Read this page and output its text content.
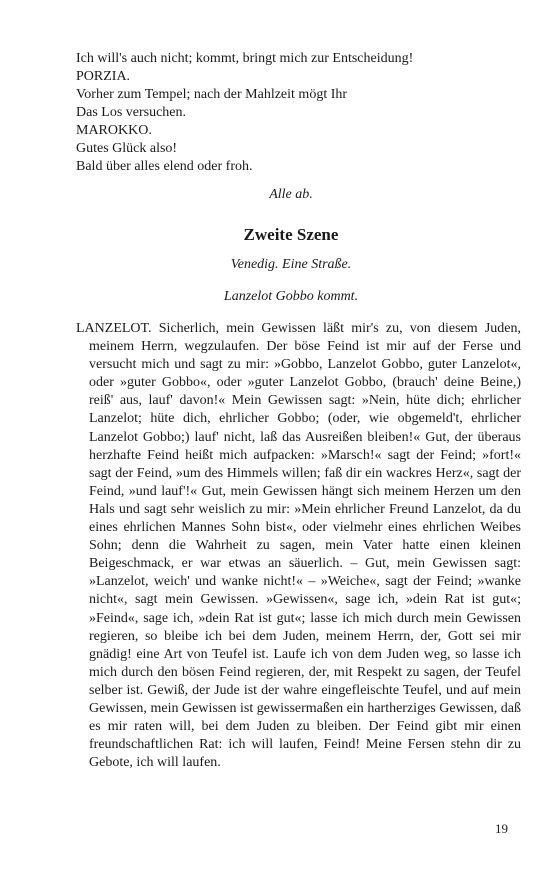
Ich will's auch nicht; kommt, bringt mich zur Entscheidung!
PORZIA.
Vorher zum Tempel; nach der Mahlzeit mögt Ihr
Das Los versuchen.
MAROKKO.
Gutes Glück also!
Bald über alles elend oder froh.
Alle ab.
Zweite Szene
Venedig. Eine Straße.
Lanzelot Gobbo kommt.
LANZELOT. Sicherlich, mein Gewissen läßt mir's zu, von diesem Juden, meinem Herrn, wegzulaufen. Der böse Feind ist mir auf der Ferse und versucht mich und sagt zu mir: »Gobbo, Lanzelot Gobbo, guter Lanzelot«, oder »guter Gobbo«, oder »guter Lanzelot Gobbo, (brauch' deine Beine,) reiß' aus, lauf' davon!« Mein Gewissen sagt: »Nein, hüte dich; ehrlicher Lanzelot; hüte dich, ehrlicher Gobbo; (oder, wie obgemeld't, ehrlicher Lanzelot Gobbo;) lauf' nicht, laß das Ausreißen bleiben!« Gut, der überaus herzhafte Feind heißt mich aufpacken: »Marsch!« sagt der Feind; »fort!« sagt der Feind, »um des Himmels willen; faß dir ein wackres Herz«, sagt der Feind, »und lauf'!« Gut, mein Gewissen hängt sich meinem Herzen um den Hals und sagt sehr weislich zu mir: »Mein ehrlicher Freund Lanzelot, da du eines ehrlichen Mannes Sohn bist«, oder vielmehr eines ehrlichen Weibes Sohn; denn die Wahrheit zu sagen, mein Vater hatte einen kleinen Beigeschmack, er war etwas an säuerlich. – Gut, mein Gewissen sagt: »Lanzelot, weich' und wanke nicht!« – »Weiche«, sagt der Feind; »wanke nicht«, sagt mein Gewissen. »Gewissen«, sage ich, »dein Rat ist gut«; »Feind«, sage ich, »dein Rat ist gut«; lasse ich mich durch mein Gewissen regieren, so bleibe ich bei dem Juden, meinem Herrn, der, Gott sei mir gnädig! eine Art von Teufel ist. Laufe ich von dem Juden weg, so lasse ich mich durch den bösen Feind regieren, der, mit Respekt zu sagen, der Teufel selber ist. Gewiß, der Jude ist der wahre eingefleischte Teufel, und auf mein Gewissen, mein Gewissen ist gewissermaßen ein hartherziges Gewissen, daß es mir raten will, bei dem Juden zu bleiben. Der Feind gibt mir einen freundschaftlichen Rat: ich will laufen, Feind! Meine Fersen stehn dir zu Gebote, ich will laufen.
19
